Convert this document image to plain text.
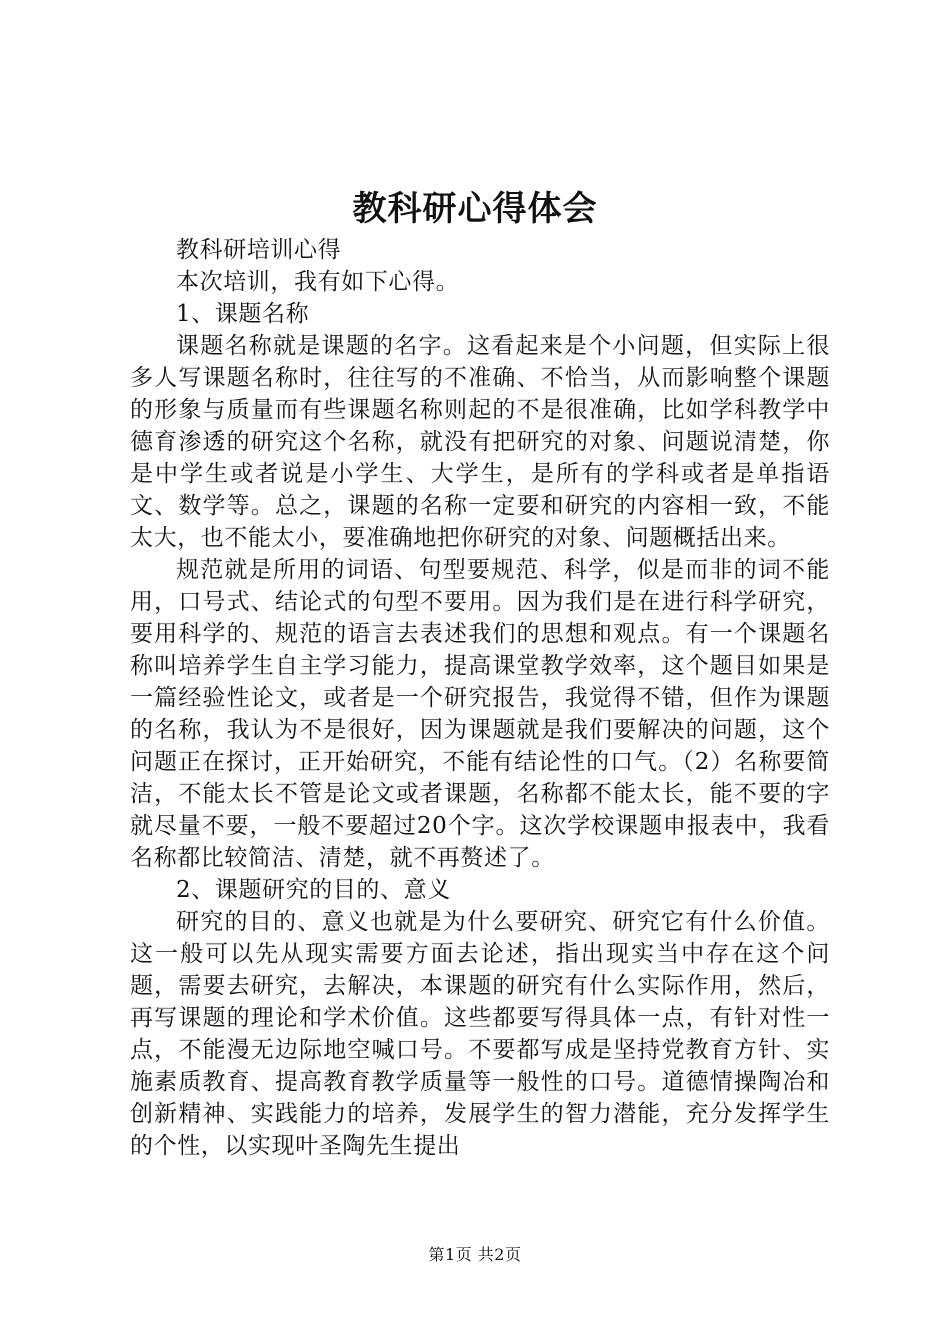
教科研心得体会

教科研培训心得

本次培训，我有如下心得。

1、课题名称

课题名称就是课题的名字。这看起来是个小问题，但实际上很多人写课题名称时，往往写的不准确、不恰当，从而影响整个课题的形象与质量而有些课题名称则起的不是很准确，比如学科教学中德育渗透的研究这个名称，就没有把研究的对象、问题说清楚，你是中学生或者说是小学生、大学生，是所有的学科或者是单指语文、数学等。总之，课题的名称一定要和研究的内容相一致，不能太大，也不能太小，要准确地把你研究的对象、问题概括出来。

规范就是所用的词语、句型要规范、科学，似是而非的词不能用，口号式、结论式的句型不要用。因为我们是在进行科学研究，要用科学的、规范的语言去表述我们的思想和观点。有一个课题名称叫培养学生自主学习能力，提高课堂教学效率，这个题目如果是一篇经验性论文，或者是一个研究报告，我觉得不错，但作为课题的名称，我认为不是很好，因为课题就是我们要解决的问题，这个问题正在探讨，正开始研究，不能有结论性的口气。（2）名称要简洁，不能太长不管是论文或者课题，名称都不能太长，能不要的字就尽量不要，一般不要超过20个字。这次学校课题申报表中，我看名称都比较简洁、清楚，就不再赘述了。

2、课题研究的目的、意义

研究的目的、意义也就是为什么要研究、研究它有什么价值。这一般可以先从现实需要方面去论述，指出现实当中存在这个问题，需要去研究，去解决，本课题的研究有什么实际作用，然后，再写课题的理论和学术价值。这些都要写得具体一点，有针对性一点，不能漫无边际地空喊口号。不要都写成是坚持党教育方针、实施素质教育、提高教育教学质量等一般性的口号。道德情操陶冶和创新精神、实践能力的培养，发展学生的智力潜能，充分发挥学生的个性，以实现叶圣陶先生提出

第1页 共2页
